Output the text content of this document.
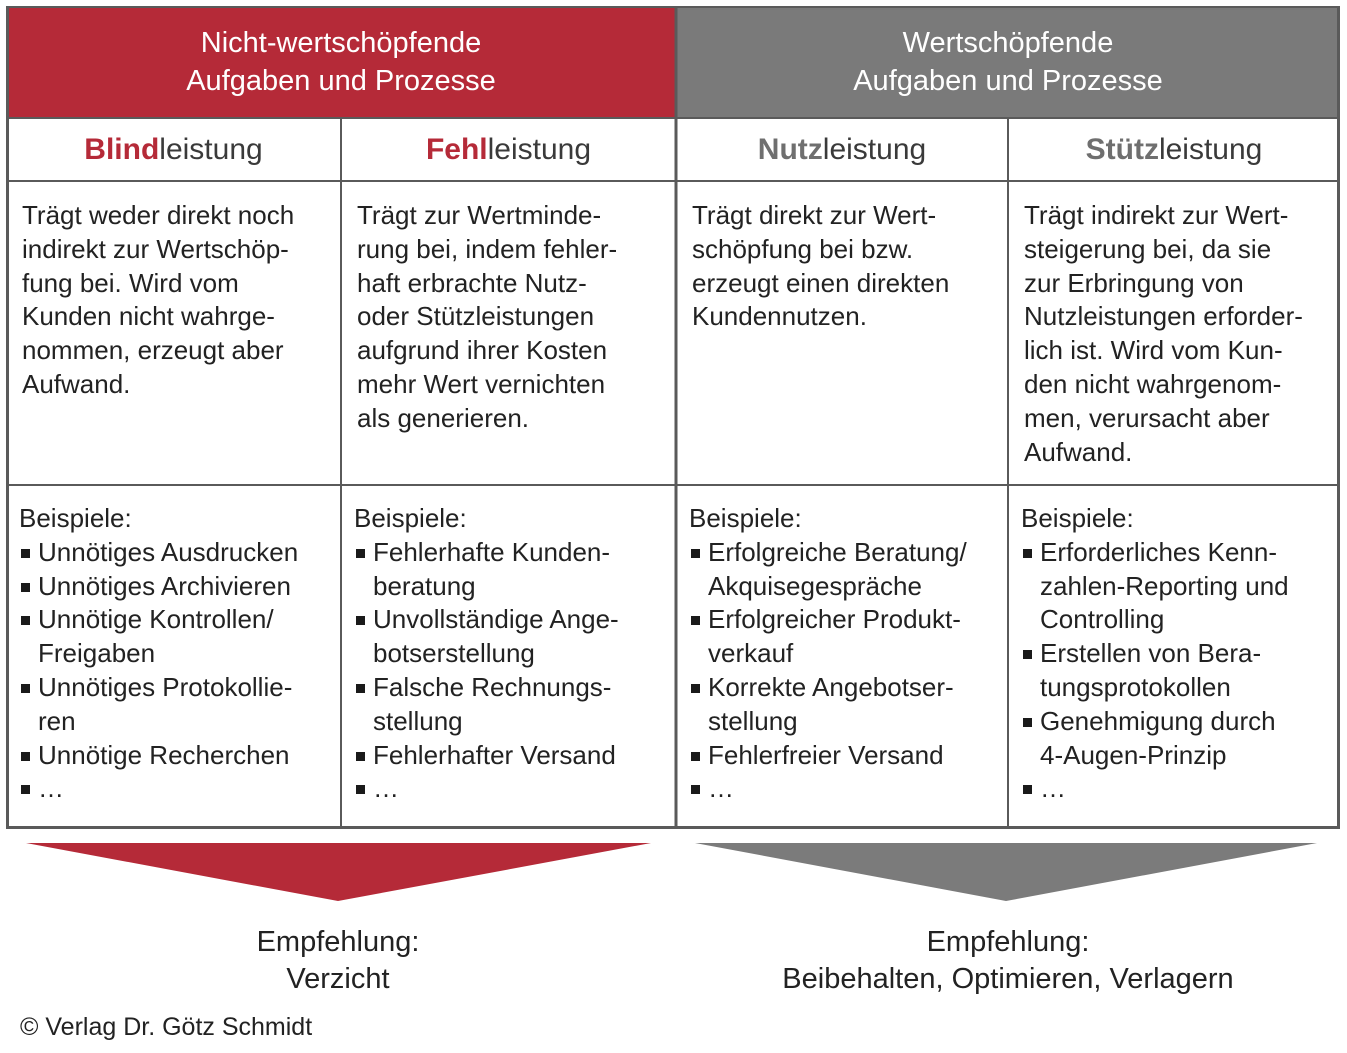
Nicht-wertschöpfende
Aufgaben und Prozesse
Wertschöpfende
Aufgaben und Prozesse
Blind leistung
Trägt weder direkt noch
indirekt zur Wertschöp-
fung bei. Wird vom
Kunden nicht wahrge-
nommen, erzeugt aber
Aufwand.
Beispiele:
Unnötiges Ausdrucken
Unnötiges Archivieren
Unnötige Kontrollen/
Freigaben
Unnötiges Protokollie-
ren
Unnötige Recherchen
…
Fehl leistung
Trägt zur Wertminde-
rung bei, indem fehler-
haft erbrachte Nutz-
oder Stützleistungen
aufgrund ihrer Kosten
mehr Wert vernichten
als generieren.
Beispiele:
Fehlerhafte Kunden-
beratung
Unvollständige Ange-
botserstellung
Falsche Rechnungs-
stellung
Fehlerhafter Versand
…
Nutz leistung
Trägt direkt zur Wert-
schöpfung bei bzw.
erzeugt einen direkten
Kundennutzen.
Beispiele:
Erfolgreiche Beratung/
Akquisegespräche
Erfolgreicher Produkt-
verkauf
Korrekte Angebotser-
stellung
Fehlerfreier Versand
…
Stütz leistung
Trägt indirekt zur Wert-
steigerung bei, da sie
zur Erbringung von
Nutzleistungen erforder-
lich ist. Wird vom Kun-
den nicht wahrgenom-
men, verursacht aber
Aufwand.
Beispiele:
Erforderliches Kenn-
zahlen-Reporting und
Controlling
Erstellen von Bera-
tungsprotokollen
Genehmigung durch
4-Augen-Prinzip
…
Empfehlung:
Verzicht
Empfehlung:
Beibehalten, Optimieren, Verlagern
© Verlag Dr. Götz Schmidt
